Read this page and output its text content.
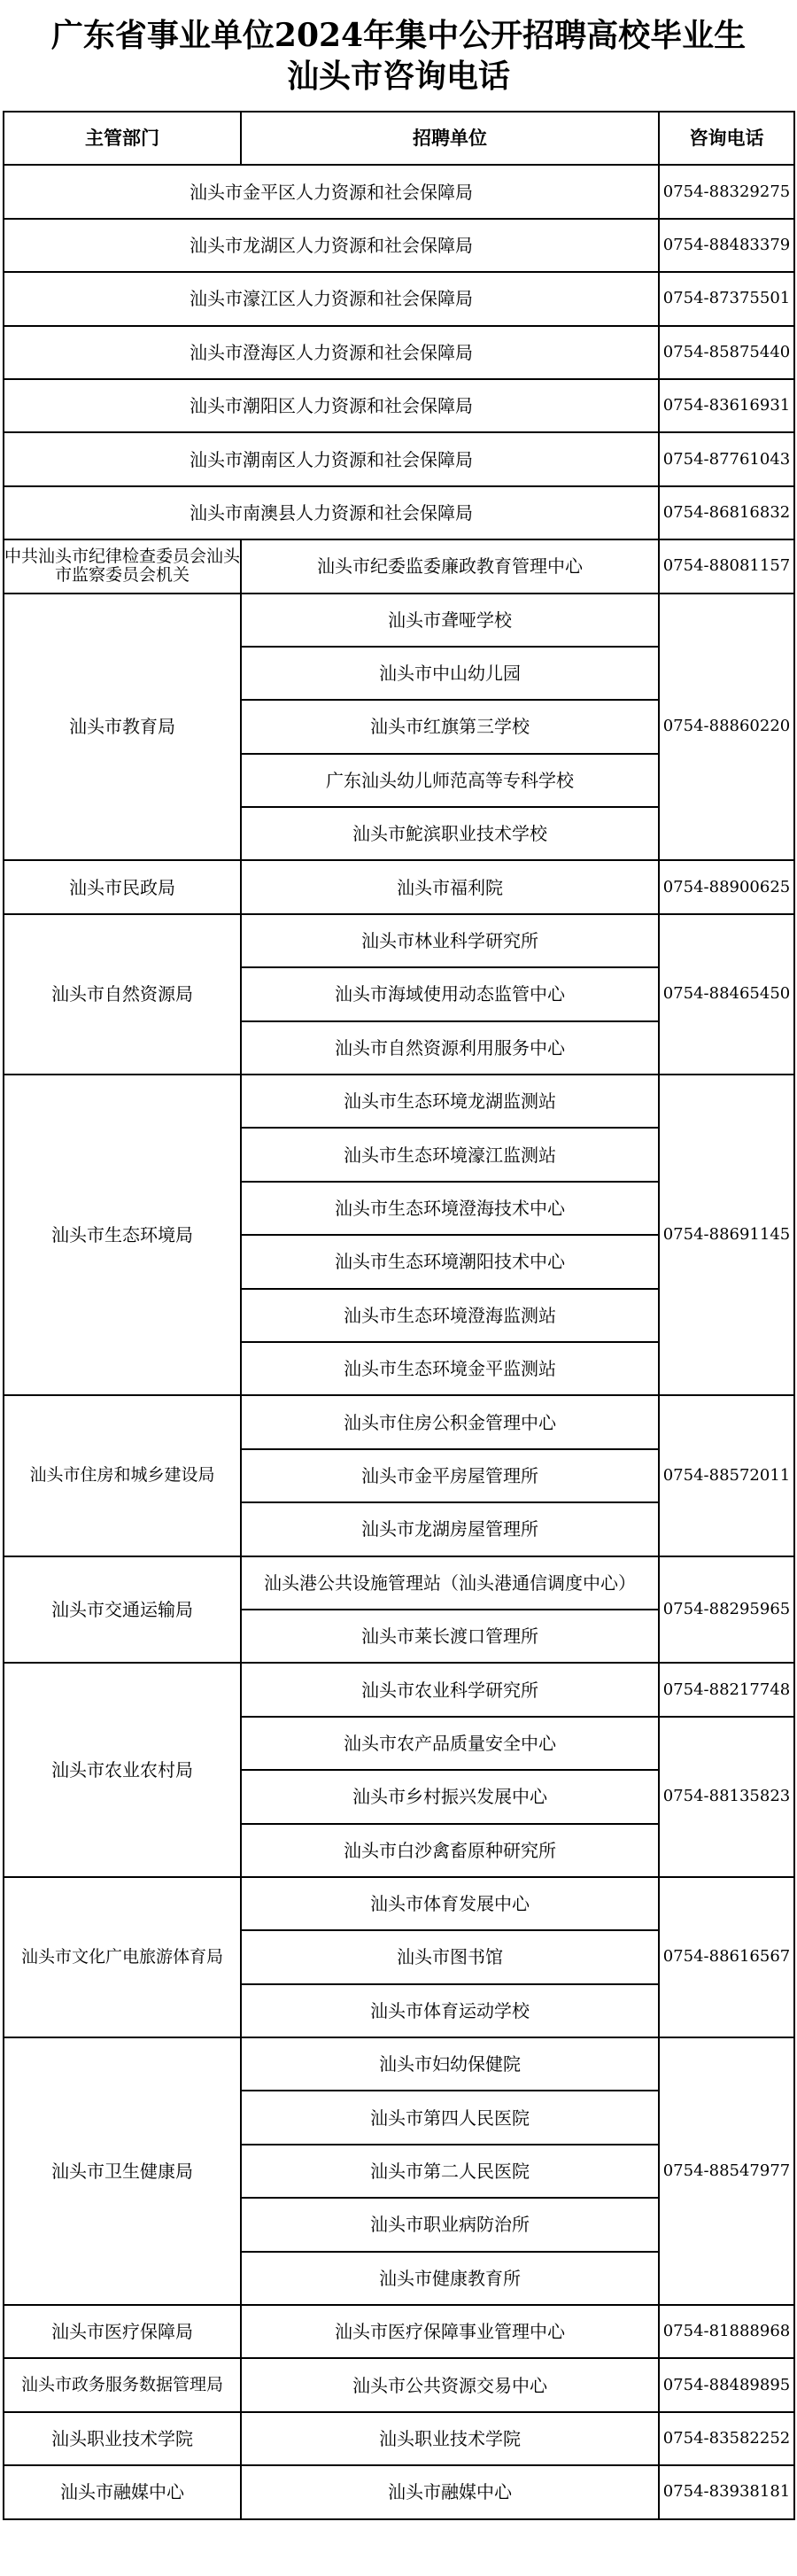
广东省事业单位2024年集中公开招聘高校毕业生
汕头市咨询电话
主管部门	招聘单位	咨询电话
汕头市金平区人力资源和社会保障局		0754-88329275
汕头市龙湖区人力资源和社会保障局		0754-88483379
汕头市濠江区人力资源和社会保障局		0754-87375501
汕头市澄海区人力资源和社会保障局		0754-85875440
汕头市潮阳区人力资源和社会保障局		0754-83616931
汕头市潮南区人力资源和社会保障局		0754-87761043
汕头市南澳县人力资源和社会保障局		0754-86816832
中共汕头市纪律检查委员会汕头市监察委员会机关	汕头市纪委监委廉政教育管理中心	0754-88081157
汕头市教育局	汕头市聋哑学校	0754-88860220
	汕头市中山幼儿园	
	汕头市红旗第三学校	
	广东汕头幼儿师范高等专科学校	
	汕头市鮀滨职业技术学校	
汕头市民政局	汕头市福利院	0754-88900625
汕头市自然资源局	汕头市林业科学研究所	0754-88465450
	汕头市海域使用动态监管中心	
	汕头市自然资源利用服务中心	
汕头市生态环境局	汕头市生态环境龙湖监测站	0754-88691145
	汕头市生态环境濠江监测站	
	汕头市生态环境澄海技术中心	
	汕头市生态环境潮阳技术中心	
	汕头市生态环境澄海监测站	
	汕头市生态环境金平监测站	
汕头市住房和城乡建设局	汕头市住房公积金管理中心	0754-88572011
	汕头市金平房屋管理所	
	汕头市龙湖房屋管理所	
汕头市交通运输局	汕头港公共设施管理站（汕头港通信调度中心）	0754-88295965
	汕头市莱长渡口管理所	
汕头市农业农村局	汕头市农业科学研究所	0754-88217748
	汕头市农产品质量安全中心	0754-88135823
	汕头市乡村振兴发展中心	
	汕头市白沙禽畜原种研究所	
汕头市文化广电旅游体育局	汕头市体育发展中心	0754-88616567
	汕头市图书馆	
	汕头市体育运动学校	
汕头市卫生健康局	汕头市妇幼保健院	0754-88547977
	汕头市第四人民医院	
	汕头市第二人民医院	
	汕头市职业病防治所	
	汕头市健康教育所	
汕头市医疗保障局	汕头市医疗保障事业管理中心	0754-81888968
汕头市政务服务数据管理局	汕头市公共资源交易中心	0754-88489895
汕头职业技术学院	汕头职业技术学院	0754-83582252
汕头市融媒中心	汕头市融媒中心	0754-83938181
